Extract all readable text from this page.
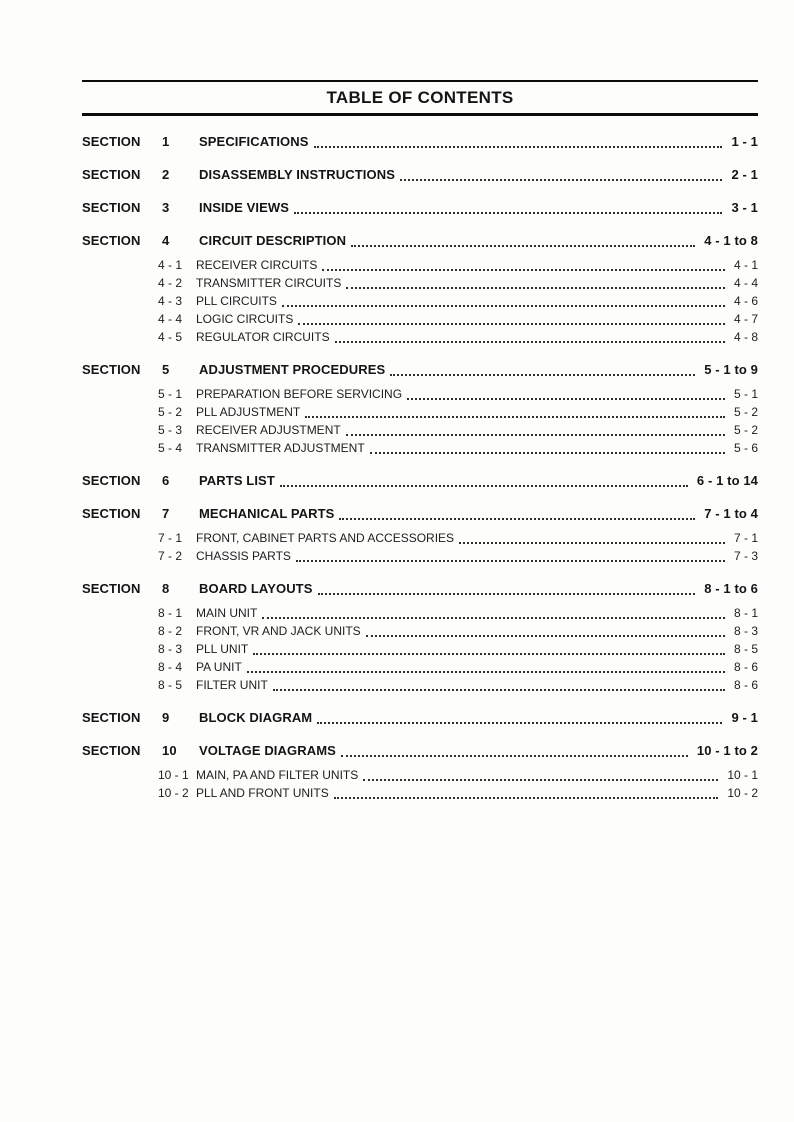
TABLE OF CONTENTS
SECTION	1	SPECIFICATIONS	1 - 1
SECTION	2	DISASSEMBLY INSTRUCTIONS	2 - 1
SECTION	3	INSIDE VIEWS	3 - 1
SECTION	4	CIRCUIT DESCRIPTION	4 - 1 to 8
4 - 1	RECEIVER CIRCUITS	4 - 1
4 - 2	TRANSMITTER CIRCUITS	4 - 4
4 - 3	PLL CIRCUITS	4 - 6
4 - 4	LOGIC CIRCUITS	4 - 7
4 - 5	REGULATOR CIRCUITS	4 - 8
SECTION	5	ADJUSTMENT PROCEDURES	5 - 1 to 9
5 - 1	PREPARATION BEFORE SERVICING	5 - 1
5 - 2	PLL ADJUSTMENT	5 - 2
5 - 3	RECEIVER ADJUSTMENT	5 - 2
5 - 4	TRANSMITTER ADJUSTMENT	5 - 6
SECTION	6	PARTS LIST	6 - 1 to 14
SECTION	7	MECHANICAL PARTS	7 - 1 to 4
7 - 1	FRONT, CABINET PARTS AND ACCESSORIES	7 - 1
7 - 2	CHASSIS PARTS	7 - 3
SECTION	8	BOARD LAYOUTS	8 - 1 to 6
8 - 1	MAIN UNIT	8 - 1
8 - 2	FRONT, VR AND JACK UNITS	8 - 3
8 - 3	PLL UNIT	8 - 5
8 - 4	PA UNIT	8 - 6
8 - 5	FILTER UNIT	8 - 6
SECTION	9	BLOCK DIAGRAM	9 - 1
SECTION	10	VOLTAGE DIAGRAMS	10 - 1 to 2
10 - 1 MAIN, PA AND FILTER UNITS	10 - 1
10 - 2 PLL AND FRONT UNITS	10 - 2
